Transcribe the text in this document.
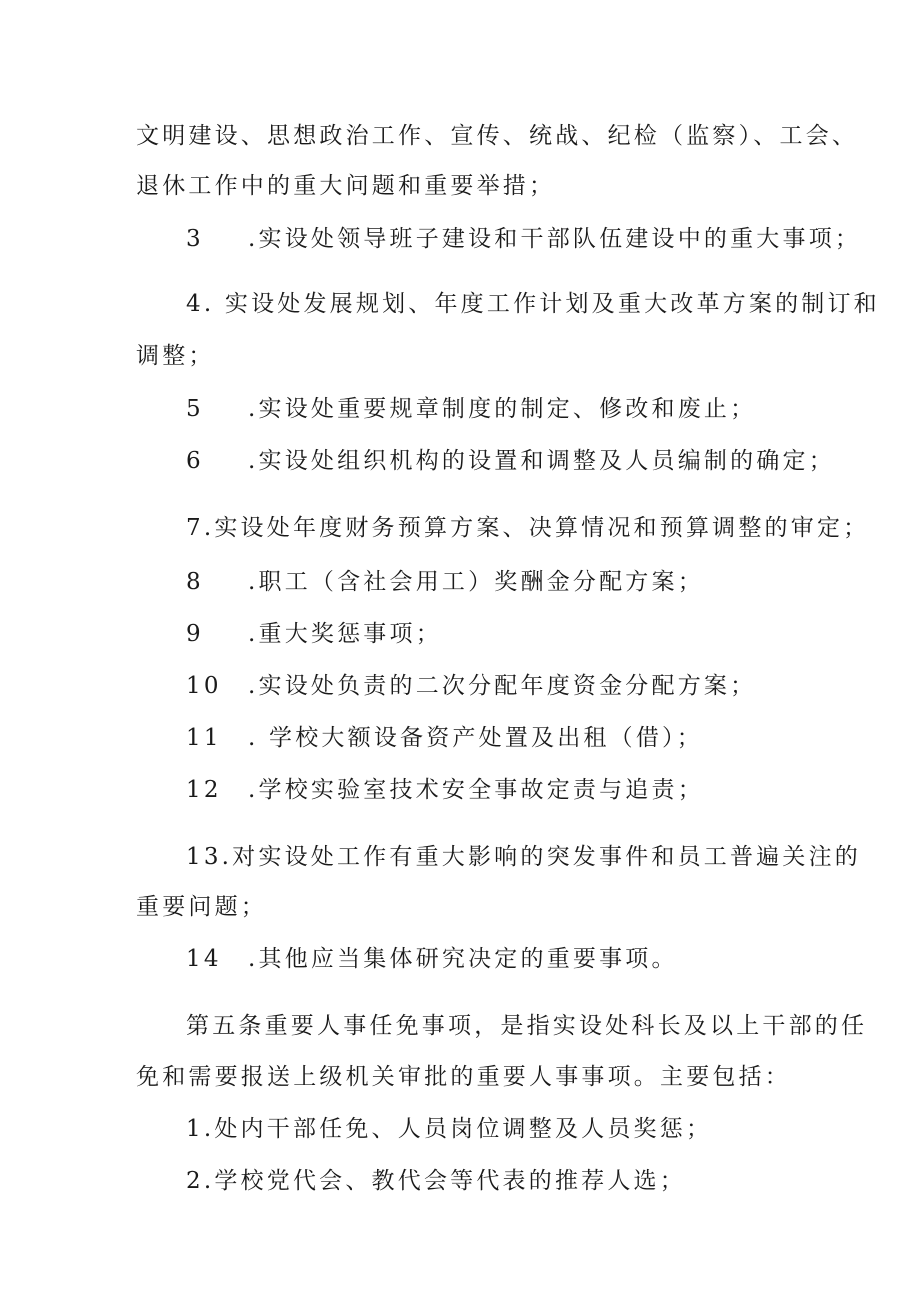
文明建设、思想政治工作、宣传、统战、纪检（监察）、工会、
退休工作中的重大问题和重要举措；
3 .实设处领导班子建设和干部队伍建设中的重大事项；
4. 实设处发展规划、年度工作计划及重大改革方案的制订和
调整；
5 .实设处重要规章制度的制定、修改和废止；
6 .实设处组织机构的设置和调整及人员编制的确定；
7.实设处年度财务预算方案、决算情况和预算调整的审定；
8 .职工（含社会用工）奖酬金分配方案；
9 .重大奖惩事项；
10 .实设处负责的二次分配年度资金分配方案；
11 . 学校大额设备资产处置及出租（借）；
12 .学校实验室技术安全事故定责与追责；
13.对实设处工作有重大影响的突发事件和员工普遍关注的
重要问题；
14 .其他应当集体研究决定的重要事项。
第五条重要人事任免事项，是指实设处科长及以上干部的任
免和需要报送上级机关审批的重要人事事项。主要包括：
1.处内干部任免、人员岗位调整及人员奖惩；
2.学校党代会、教代会等代表的推荐人选；
